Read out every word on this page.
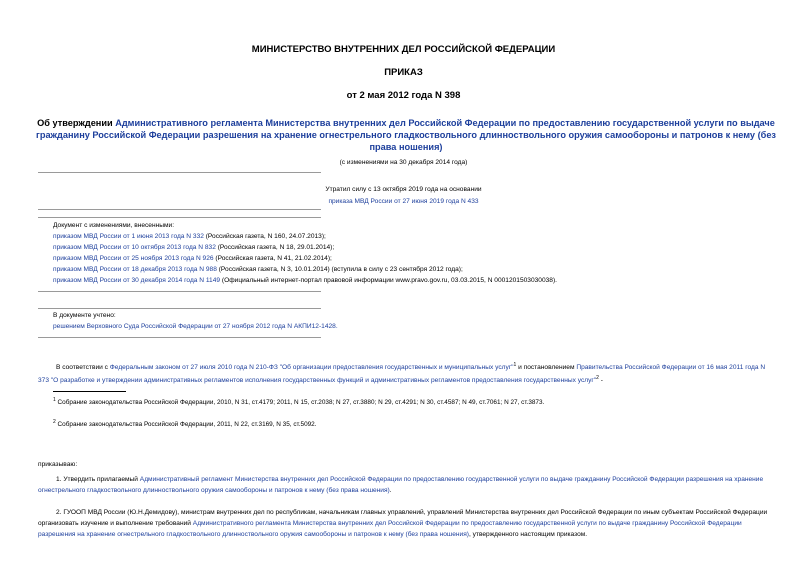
МИНИСТЕРСТВО ВНУТРЕННИХ ДЕЛ РОССИЙСКОЙ ФЕДЕРАЦИИ
ПРИКАЗ
от 2 мая 2012 года N 398
Об утверждении Административного регламента Министерства внутренних дел Российской Федерации по предоставлению государственной услуги по выдаче гражданину Российской Федерации разрешения на хранение огнестрельного гладкоствольного длинноствольного оружия самообороны и патронов к нему (без права ношения)
(с изменениями на 30 декабря 2014 года)
Утратил силу с 13 октября 2019 года на основании
приказа МВД России от 27 июня 2019 года N 433
Документ с изменениями, внесенными:
приказом МВД России от 1 июня 2013 года N 332 (Российская газета, N 160, 24.07.2013);
приказом МВД России от 10 октября 2013 года N 832 (Российская газета, N 18, 29.01.2014);
приказом МВД России от 25 ноября 2013 года N 926 (Российская газета, N 41, 21.02.2014);
приказом МВД России от 18 декабря 2013 года N 988 (Российская газета, N 3, 10.01.2014) (вступила в силу с 23 сентября 2012 года);
приказом МВД России от 30 декабря 2014 года N 1149 (Официальный интернет-портал правовой информации www.pravo.gov.ru, 03.03.2015, N 0001201503030038).
В документе учтено:
решением Верховного Суда Российской Федерации от 27 ноября 2012 года N АКПИ12-1428.
В соответствии с Федеральным законом от 27 июля 2010 года N 210-ФЗ "Об организации предоставления государственных и муниципальных услуг"$^1$ и постановлением Правительства Российской Федерации от 16 мая 2011 года N 373 "О разработке и утверждении административных регламентов исполнения государственных функций и административных регламентов предоставления государственных услуг"$^2$ -
$^1$ Собрание законодательства Российской Федерации, 2010, N 31, ст.4179; 2011, N 15, ст.2038; N 27, ст.3880; N 29, ст.4291; N 30, ст.4587; N 49, ст.7061; N 27, ст.3873.
$^2$ Собрание законодательства Российской Федерации, 2011, N 22, ст.3169, N 35, ст.5092.
приказываю:
1. Утвердить прилагаемый Административный регламент Министерства внутренних дел Российской Федерации по предоставлению государственной услуги по выдаче гражданину Российской Федерации разрешения на хранение огнестрельного гладкоствольного длинноствольного оружия самообороны и патронов к нему (без права ношения).
2. ГУООП МВД России (Ю.Н.Демидову), министрам внутренних дел по республикам, начальникам главных управлений, управлений Министерства внутренних дел Российской Федерации по иным субъектам Российской Федерации организовать изучение и выполнение требований Административного регламента Министерства внутренних дел Российской Федерации по предоставлению государственной услуги по выдаче гражданину Российской Федерации разрешения на хранение огнестрельного гладкоствольного длинноствольного оружия самообороны и патронов к нему (без права ношения), утвержденного настоящим приказом.
